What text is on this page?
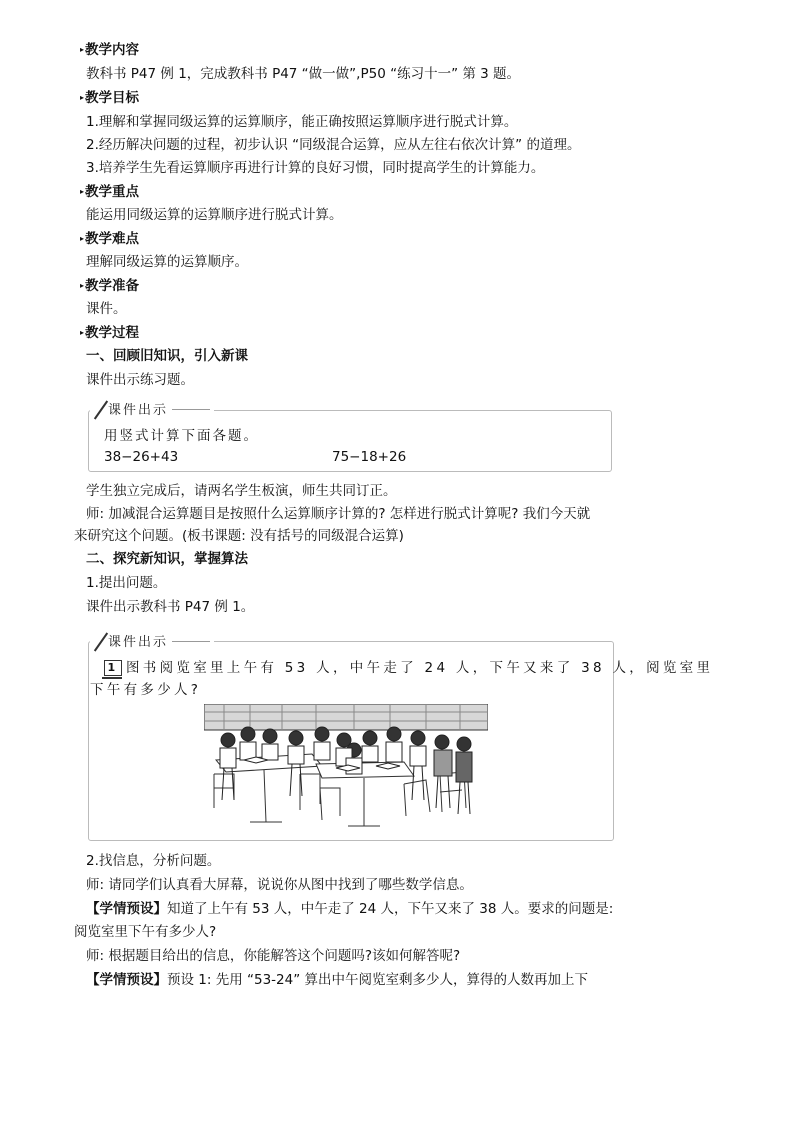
▸教学内容
教科书 P47 例 1，完成教科书 P47 “做一做”,P50 “练习十一” 第 3 题。
▸教学目标
1.理解和掌握同级运算的运算顺序，能正确按照运算顺序进行脱式计算。
2.经历解决问题的过程，初步认识 “同级混合运算，应从左往右依次计算” 的道理。
3.培养学生先看运算顺序再进行计算的良好习惯，同时提高学生的计算能力。
▸教学重点
能运用同级运算的运算顺序进行脱式计算。
▸教学难点
理解同级运算的运算顺序。
▸教学准备
课件。
▸教学过程
一、回顾旧知识，引入新课
课件出示练习题。
课件出示
用竖式计算下面各题。
38−26+43	75−18+26
学生独立完成后，请两名学生板演，师生共同订正。
师: 加减混合运算题目是按照什么运算顺序计算的? 怎样进行脱式计算呢? 我们今天就
来研究这个问题。(板书课题: 没有括号的同级混合运算)
二、探究新知识，掌握算法
1.提出问题。
课件出示教科书 P47 例 1。
课件出示
1 图书阅览室里上午有 53 人，中午走了 24 人，下午又来了 38 人，阅览室里
下午有多少人?
2.找信息，分析问题。
师: 请同学们认真看大屏幕，说说你从图中找到了哪些数学信息。
【学情预设】知道了上午有 53 人，中午走了 24 人，下午又来了 38 人。要求的问题是:
阅览室里下午有多少人?
师: 根据题目给出的信息，你能解答这个问题吗?该如何解答呢?
【学情预设】预设 1: 先用 “53-24” 算出中午阅览室剩多少人，算得的人数再加上下
